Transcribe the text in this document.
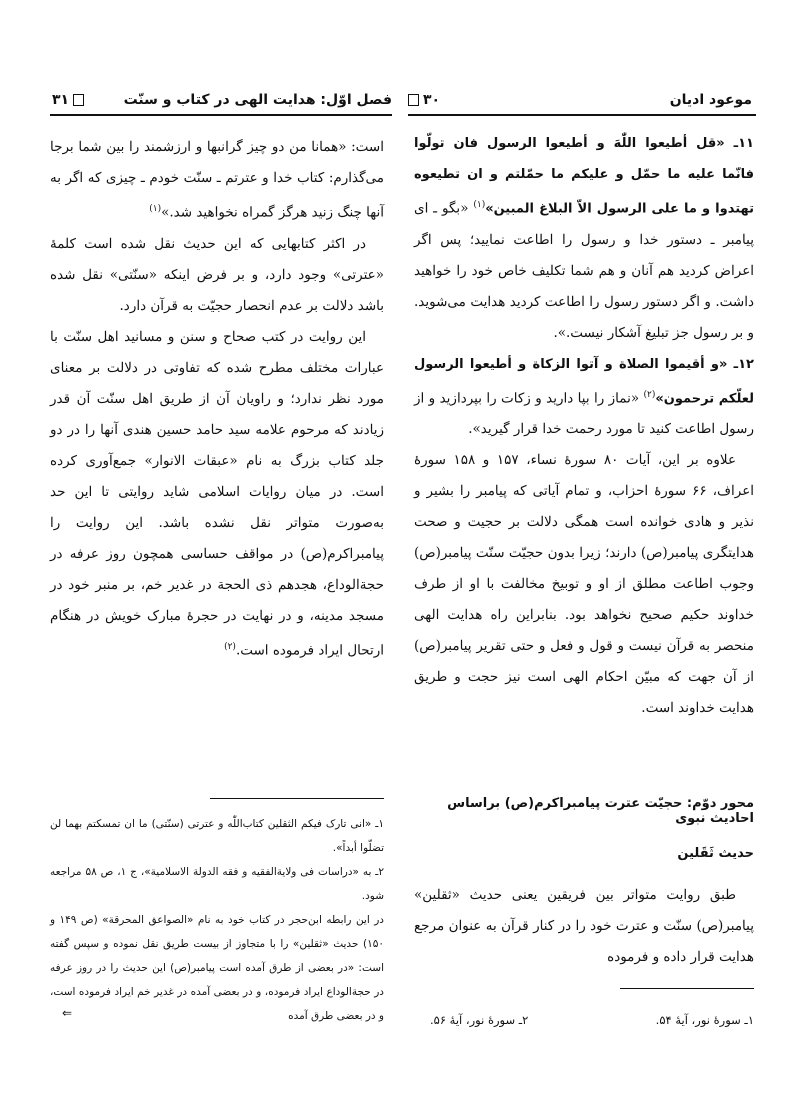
موعود ادیان
۳۰

۱۱ـ «قل أطیعوا اللّٰهَ و أطیعوا الرسول فان تولّوا فانّما علیه ما حمّل و علیکم ما حمّلتم و ان تطیعوه تهتدوا و ما علی الرسول الاّ البلاغ المبین»$^{(۱)}$ «بگو ـ ای پیامبر ـ دستور خدا و رسول را اطاعت نمایید؛ پس اگر اعراض کردید هم آنان و هم شما تکلیف خاص خود را خواهید داشت. و اگر دستور رسول را اطاعت کردید هدایت می‌شوید. و بر رسول جز تبلیغ آشکار نیست.».

۱۲ـ «و أقیموا الصلاة و آتوا الزکاة و أطیعوا الرسول لعلّکم ترحمون»$^{(۲)}$ «نماز را بپا دارید و زکات را بپردازید و از رسول اطاعت کنید تا مورد رحمت خدا قرار گیرید».

علاوه بر این، آیات ۸۰ سورهٔ نساء، ۱۵۷ و ۱۵۸ سورهٔ اعراف، ۶۶ سورهٔ احزاب، و تمام آیاتی که پیامبر را بشیر و نذیر و هادی خوانده است همگی دلالت بر حجیت و صحت هدایتگری پیامبر(ص) دارند؛ زیرا بدون حجیّت سنّت پیامبر(ص) وجوب اطاعت مطلق از او و توبیخ مخالفت با او از طرف خداوند حکیم صحیح نخواهد بود. بنابراین راه هدایت الهی منحصر به قرآن نیست و قول و فعل و حتی تقریر پیامبر(ص) از آن جهت که مبیّن احکام الهی است نیز حجت و طریق هدایت خداوند است.

محور دوّم: حجیّت عترت پیامبراکرم(ص) براساس احادیث نبوی
حدیث ثَقَلین
طبق روایت متواتر بین فریقین یعنی حدیث «ثقلین» پیامبر(ص) سنّت و عترت خود را در کنار قرآن به عنوان مرجع هدایت قرار داده و فرموده
۱ـ سورهٔ نور، آیهٔ ۵۴.
۲ـ سورهٔ نور، آیهٔ ۵۶.
فصل اوّل: هدایت الهی در کتاب و سنّت
۳۱

است: «همانا من دو چیز گرانبها و ارزشمند را بین شما برجا می‌گذارم: کتاب خدا و عترتم ـ سنّت خودم ـ چیزی که اگر به آنها چنگ زنید هرگز گمراه نخواهید شد.»$^{(۱)}$

در اکثر کتابهایی که این حدیث نقل شده است کلمهٔ «عترتی» وجود دارد، و بر فرض اینکه «سنّتی» نقل شده باشد دلالت بر عدم انحصار حجیّت به قرآن دارد.

این روایت در کتب صحاح و سنن و مسانید اهل سنّت با عبارات مختلف مطرح شده که تفاوتی در دلالت بر معنای مورد نظر ندارد؛ و راویان آن از طریق اهل سنّت آن قدر زیادند که مرحوم علامه سید حامد حسین هندی آنها را در دو جلد کتاب بزرگ به نام «عبقات الانوار» جمع‌آوری کرده است. در میان روایات اسلامی شاید روایتی تا این حد به‌صورت متواتر نقل نشده باشد. این روایت را پیامبراکرم(ص) در مواقف حساسی همچون روز عرفه در حجة‌الوداع، هجدهم ذی الحجة در غدیر خم، بر منبر خود در مسجد مدینه، و در نهایت در حجرهٔ مبارک خویش در هنگام ارتحال ایراد فرموده است.$^{(۲)}$

۱ـ «انی تارک فیکم الثقلین کتاب‌اللّٰه و عترتی (سنّتی) ما ان تمسکتم بهما لن تضلّوا أبداً».

۲ـ به «دراسات فی ولایة‌الفقیه و فقه الدولة الاسلامیة»، ج ۱، ص ۵۸ مراجعه شود.

در این رابطه ابن‌حجر در کتاب خود به نام «الصواعق المحرقة» (ص ۱۴۹ و ۱۵۰) حدیث «ثقلین» را با متجاوز از بیست طریق نقل نموده و سپس گفته است: «در بعضی از طرق آمده است پیامبر(ص) این حدیث را در روز عرفه در حجة‌الوداع ایراد فرموده، و در بعضی آمده در غدیر خم ایراد فرموده است، و در بعضی طرق آمده

⇐
